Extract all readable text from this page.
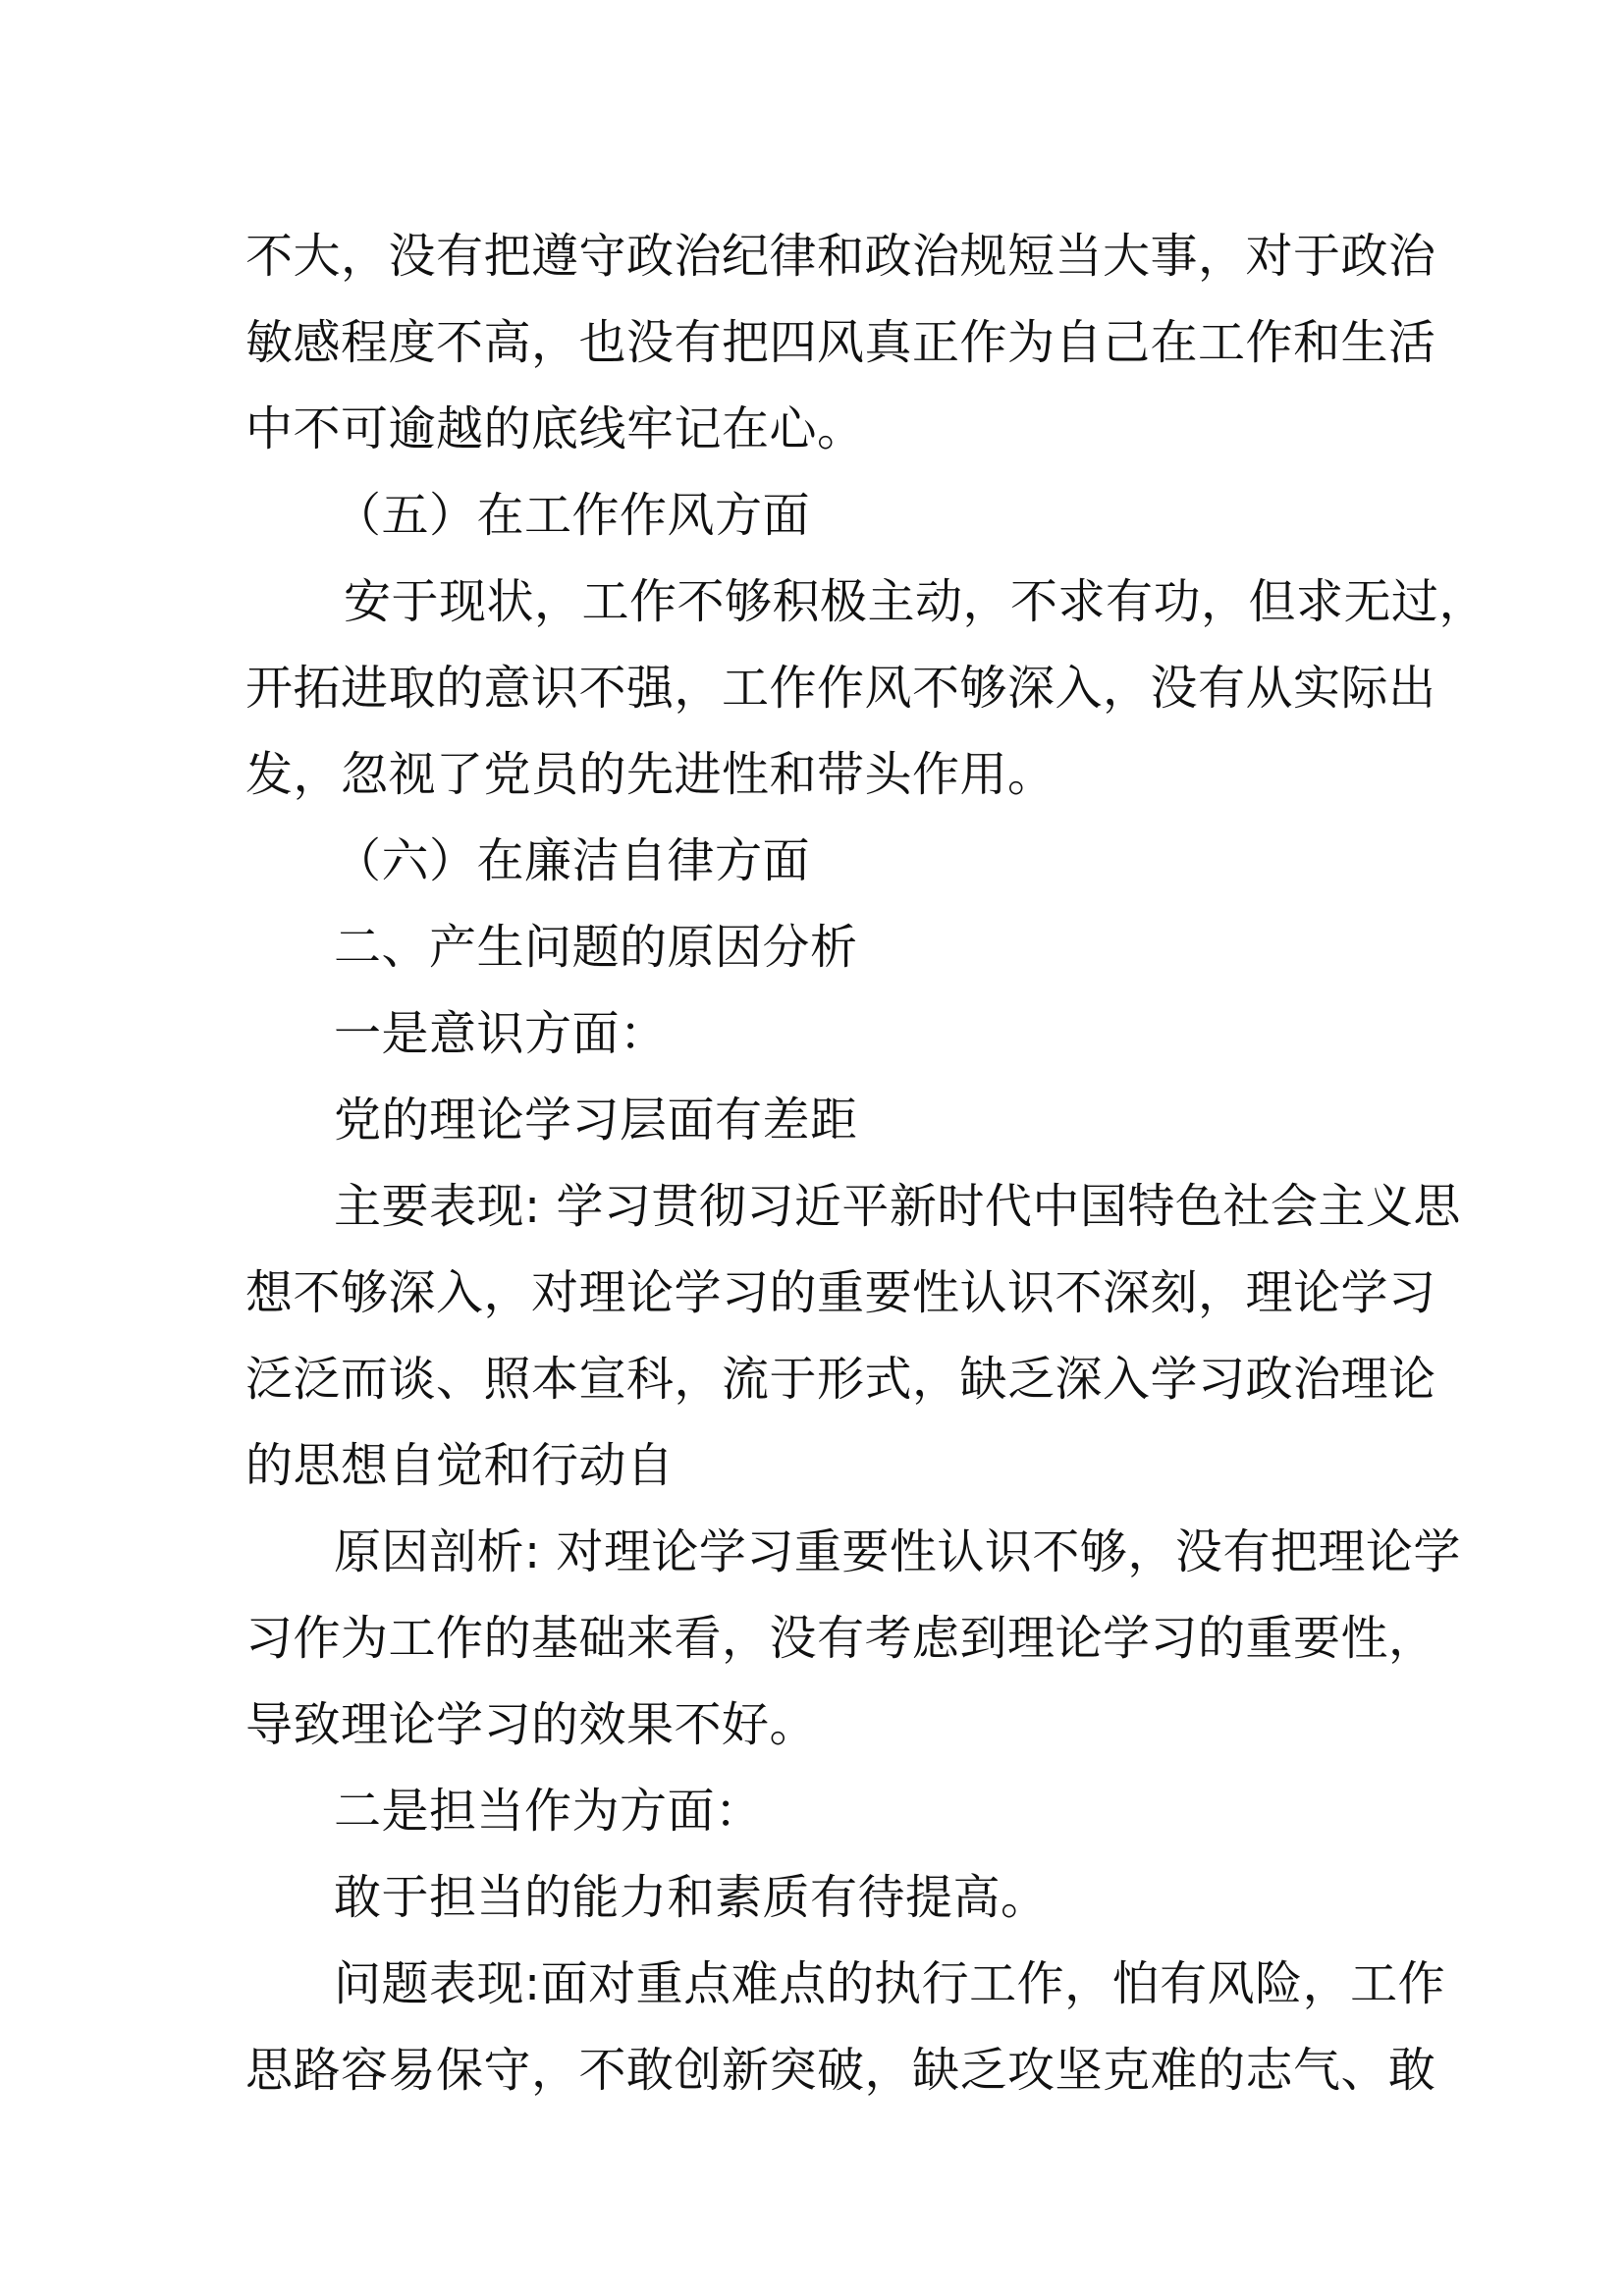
不大，没有把遵守政治纪律和政治规短当大事，对于政治
敏感程度不高，也没有把四风真正作为自己在工作和生活
中不可逾越的底线牢记在心。
（五）在工作作风方面
安于现状，工作不够积极主动，不求有功，但求无过，
开拓进取的意识不强，工作作风不够深入，没有从实际出
发，忽视了党员的先进性和带头作用。
（六）在廉洁自律方面
二、产生问题的原因分析
一是意识方面：
党的理论学习层面有差距
主要表现: 学习贯彻习近平新时代中国特色社会主义思
想不够深入，对理论学习的重要性认识不深刻，理论学习
泛泛而谈、照本宣科，流于形式，缺乏深入学习政治理论
的思想自觉和行动自
原因剖析: 对理论学习重要性认识不够，没有把理论学
习作为工作的基础来看，没有考虑到理论学习的重要性，
导致理论学习的效果不好。
二是担当作为方面：
敢于担当的能力和素质有待提高。
问题表现:面对重点难点的执行工作，怕有风险，工作
思路容易保守，不敢创新突破，缺乏攻坚克难的志气、敢
